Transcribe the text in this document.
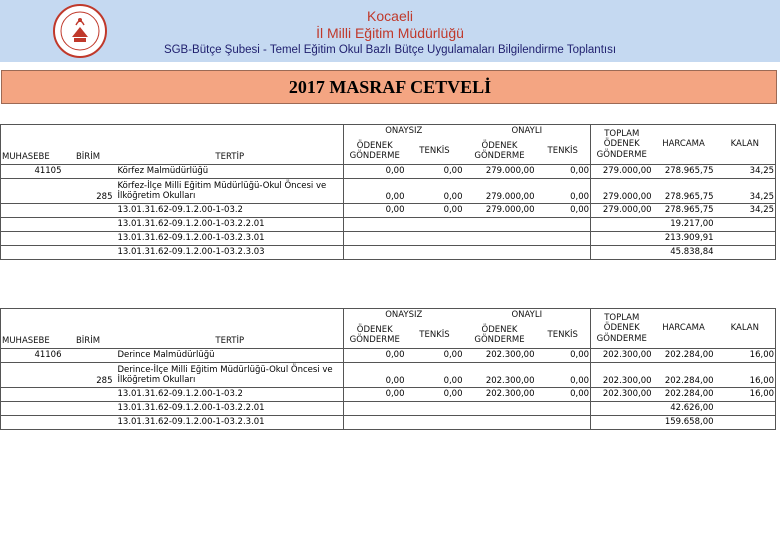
Kocaeli
İl Milli Eğitim Müdürlüğü
SGB-Bütçe Şubesi - Temel Eğitim Okul Bazlı Bütçe Uygulamaları Bilgilendirme Toplantısı
2017 MASRAF CETVELİ
				ONAYSIZ		ONAYLI		TOPLAM ÖDENEK GÖNDERME	HARCAMA	KALAN
				ÖDENEK GÖNDERME	TENKİS	ÖDENEK GÖNDERME	TENKİS			
MUHASEBE	BİRİM		TERTİP							
41105			Körfez Malmüdürlüğü	0,00	0,00	279.000,00	0,00	279.000,00	278.965,75	34,25
	285		Körfez-İlçe Milli Eğitim Müdürlüğü-Okul Öncesi ve İlköğretim Okulları	0,00	0,00	279.000,00	0,00	279.000,00	278.965,75	34,25
			13.01.31.62-09.1.2.00-1-03.2	0,00	0,00	279.000,00	0,00	279.000,00	278.965,75	34,25
			13.01.31.62-09.1.2.00-1-03.2.2.01						19.217,00	
			13.01.31.62-09.1.2.00-1-03.2.3.01						213.909,91	
			13.01.31.62-09.1.2.00-1-03.2.3.03						45.838,84	
				ONAYSIZ		ONAYLI		TOPLAM ÖDENEK GÖNDERME	HARCAMA	KALAN
				ÖDENEK GÖNDERME	TENKİS	ÖDENEK GÖNDERME	TENKİS			
MUHASEBE	BİRİM		TERTİP							
41106			Derince Malmüdürlüğü	0,00	0,00	202.300,00	0,00	202.300,00	202.284,00	16,00
	285		Derince-İlçe Milli Eğitim Müdürlüğü-Okul Öncesi ve İlköğretim Okulları	0,00	0,00	202.300,00	0,00	202.300,00	202.284,00	16,00
			13.01.31.62-09.1.2.00-1-03.2	0,00	0,00	202.300,00	0,00	202.300,00	202.284,00	16,00
			13.01.31.62-09.1.2.00-1-03.2.2.01						42.626,00	
			13.01.31.62-09.1.2.00-1-03.2.3.01						159.658,00	
